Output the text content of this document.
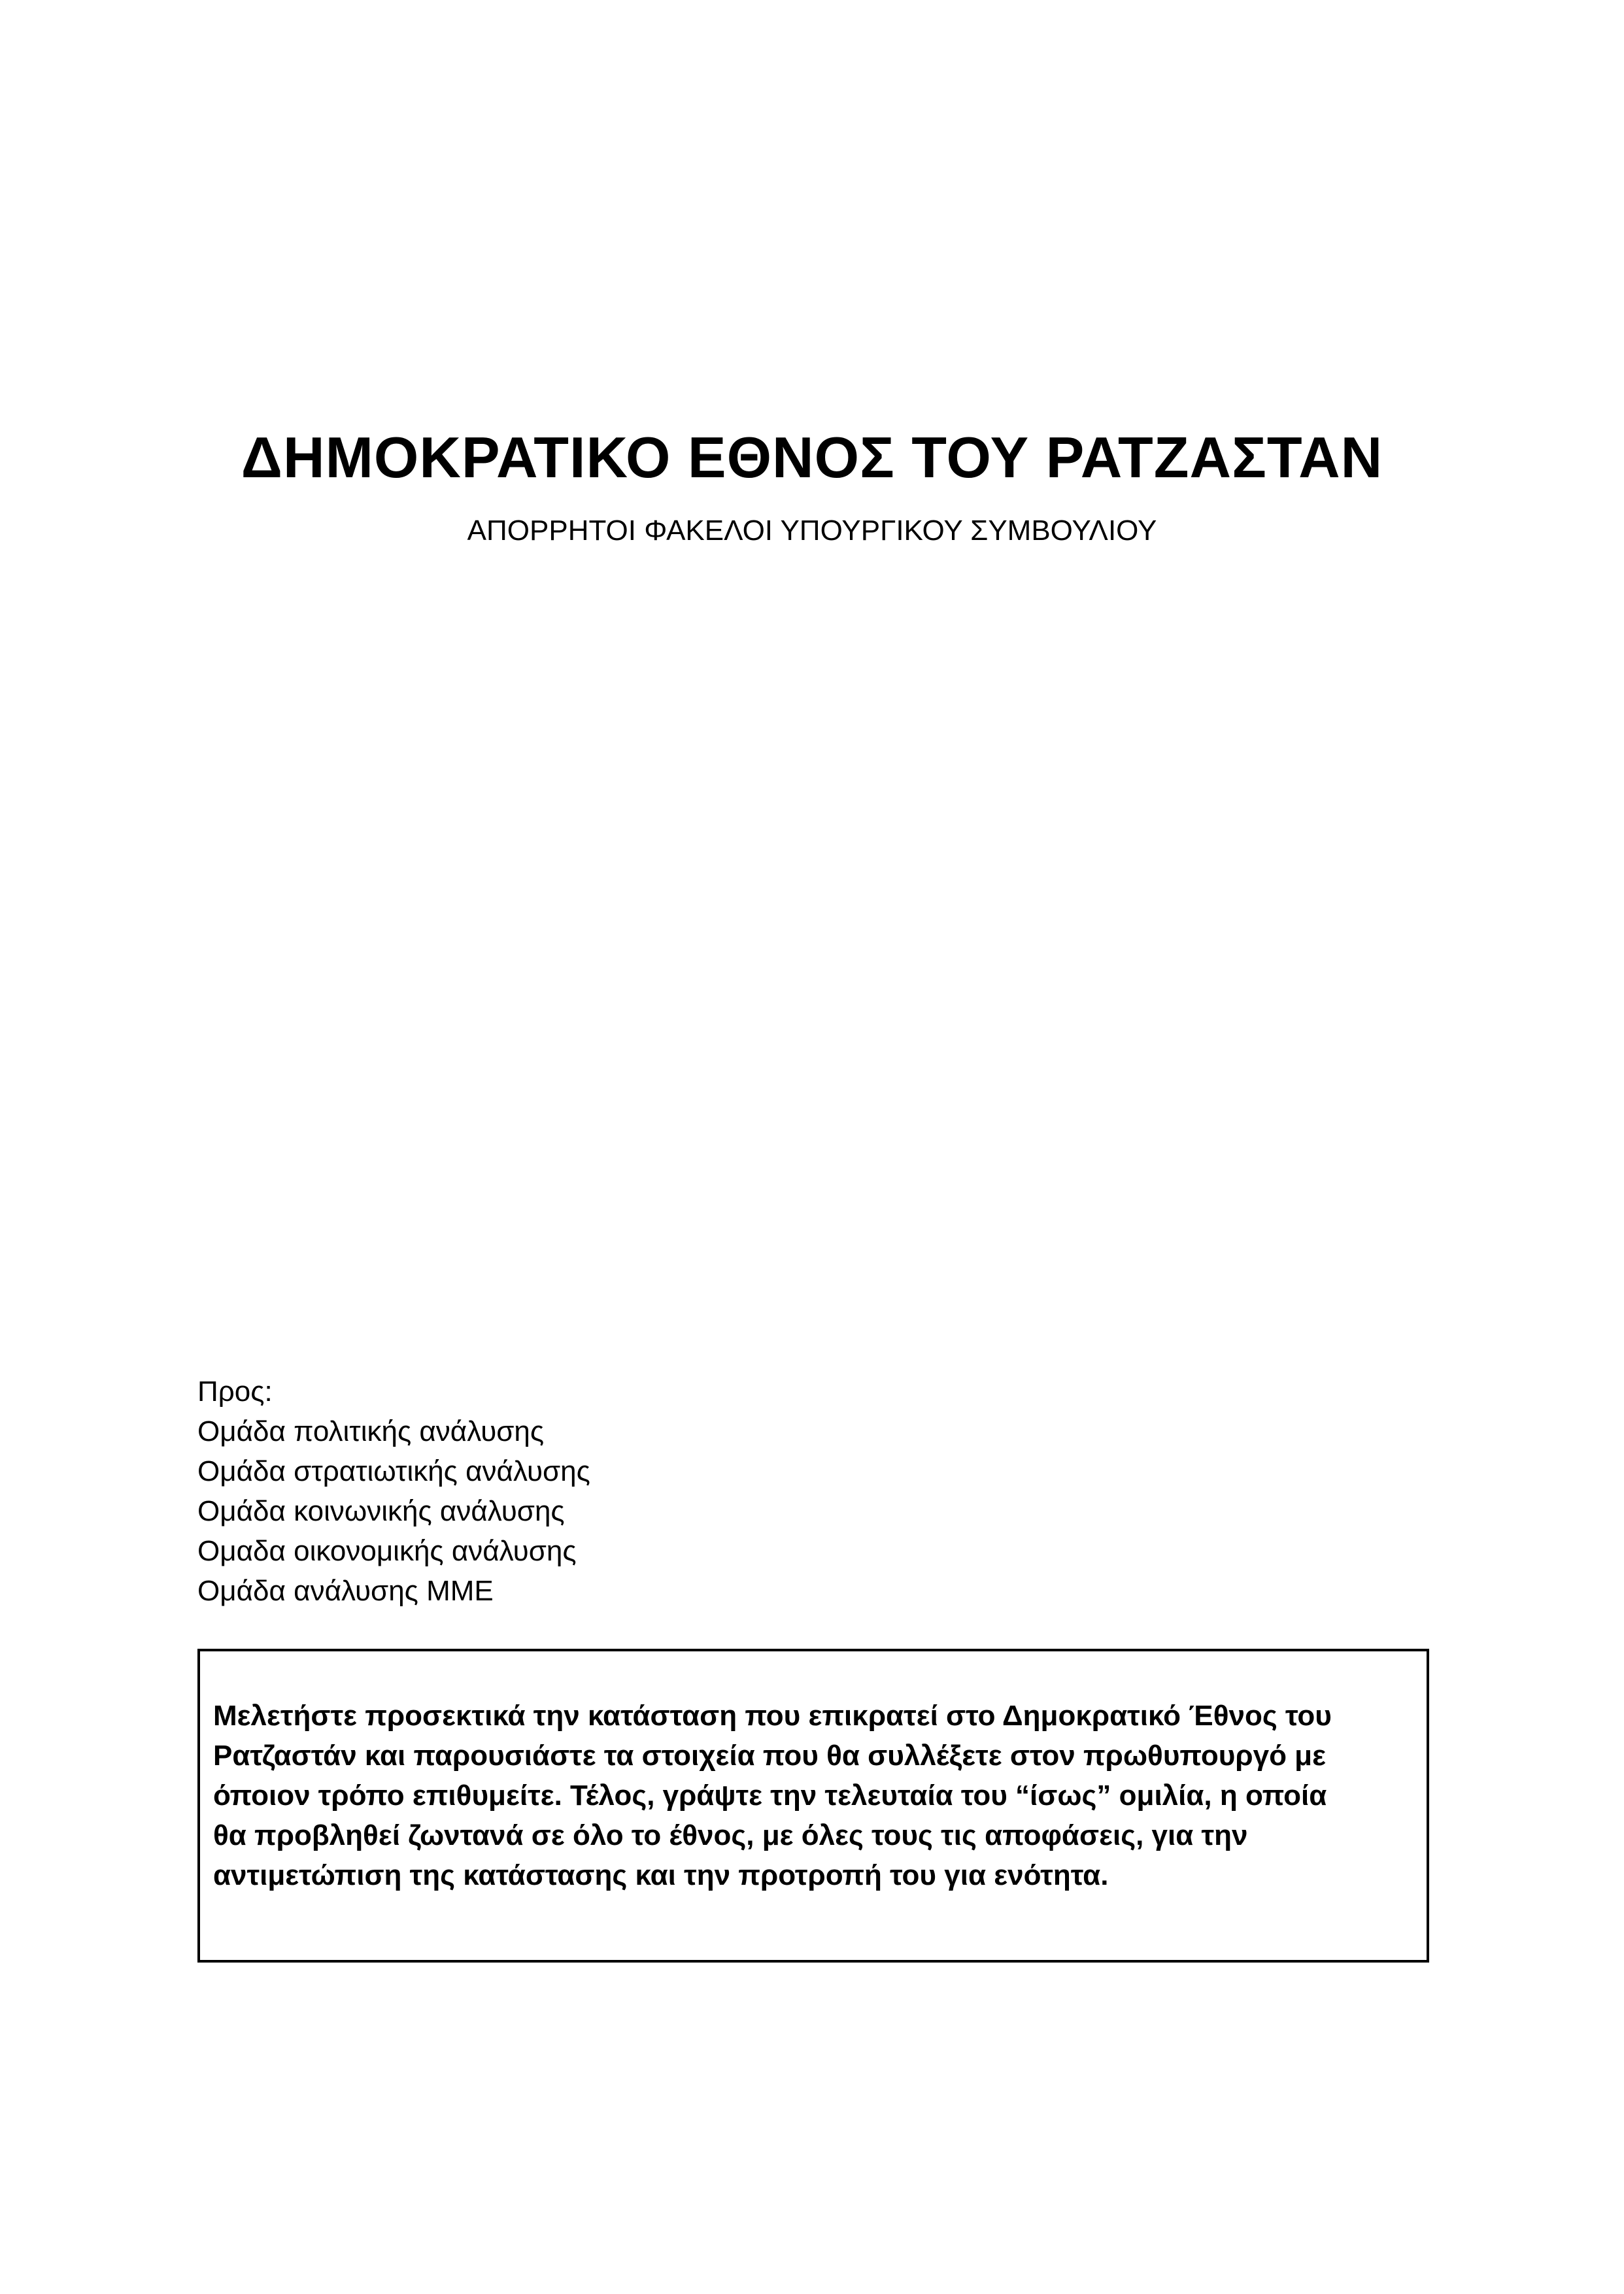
ΔΗΜΟΚΡΑΤΙΚΟ ΕΘΝΟΣ ΤΟΥ ΡΑΤΖΑΣΤΑΝ

ΑΠΟΡΡΗΤΟΙ ΦΑΚΕΛΟΙ ΥΠΟΥΡΓΙΚΟΥ ΣΥΜΒΟΥΛΙΟΥ

Προς:
Ομάδα πολιτικής ανάλυσης
Ομάδα στρατιωτικής ανάλυσης
Ομάδα κοινωνικής ανάλυσης
Ομαδα οικονομικής ανάλυσης
Ομάδα ανάλυσης ΜΜΕ
Μελετήστε προσεκτικά την κατάσταση που επικρατεί στο Δημοκρατικό Έθνος του
Ρατζαστάν και παρουσιάστε τα στοιχεία που θα συλλέξετε στον πρωθυπουργό με
όποιον τρόπο επιθυμείτε. Τέλος, γράψτε την τελευταία του “ίσως” ομιλία, η οποία
θα προβληθεί ζωντανά σε όλο το έθνος, με όλες τους τις αποφάσεις, για την
αντιμετώπιση της κατάστασης και την προτροπή του για ενότητα.
